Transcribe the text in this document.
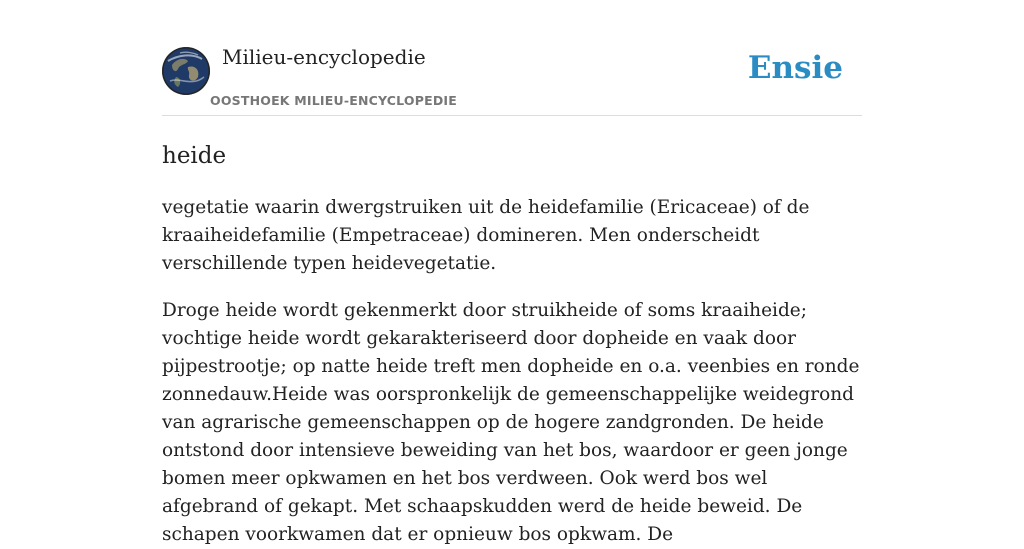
Milieu-encyclopedie
OOSTHOEK MILIEU-ENCYCLOPEDIE
Ensie
heide

vegetatie waarin dwergstruiken uit de heidefamilie (Ericaceae) of de kraaiheidefamilie (Empetraceae) domineren. Men onderscheidt verschillende typen heidevegetatie.

Droge heide wordt gekenmerkt door struikheide of soms kraaiheide; vochtige heide wordt gekarakteriseerd door dopheide en vaak door pijpestrootje; op natte heide treft men dopheide en o.a. veenbies en ronde zonnedauw.Heide was oorspronkelijk de gemeenschappelijke weidegrond van agrarische gemeenschappen op de hogere zandgronden. De heide ontstond door intensieve beweiding van het bos, waardoor er geen jonge bomen meer opkwamen en het bos verdween. Ook werd bos wel afgebrand of gekapt. Met schaapskudden werd de heide beweid. De schapen voorkwamen dat er opnieuw bos opkwam. De
